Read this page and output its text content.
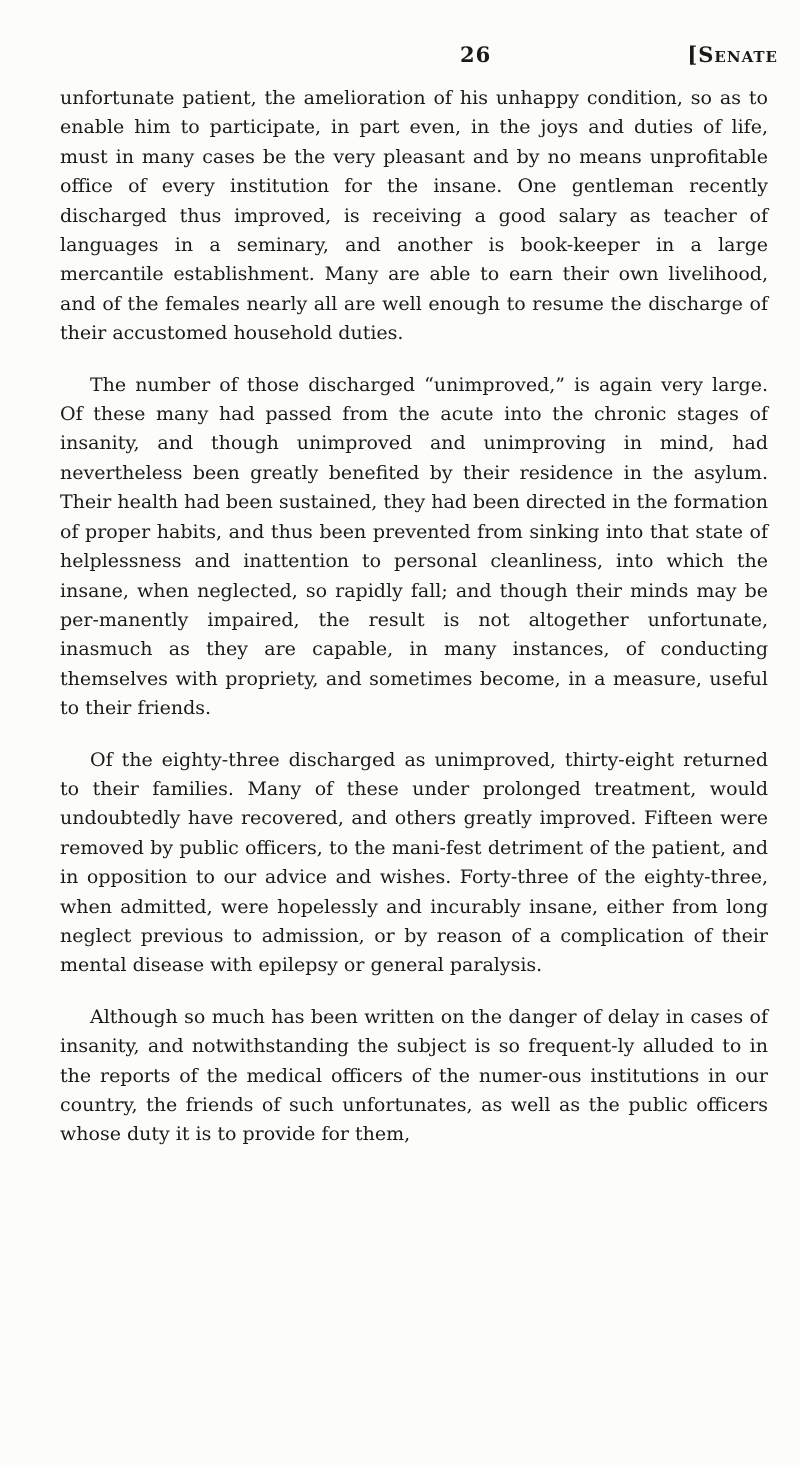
26	[Senate

unfortunate patient, the amelioration of his unhappy condition, so as to enable him to participate, in part even, in the joys and duties of life, must in many cases be the very pleasant and by no means unprofitable office of every institution for the insane. One gentleman recently discharged thus improved, is receiving a good salary as teacher of languages in a seminary, and another is book-keeper in a large mercantile establishment. Many are able to earn their own livelihood, and of the females nearly all are well enough to resume the discharge of their accustomed household duties.

The number of those discharged “unimproved,” is again very large. Of these many had passed from the acute into the chronic stages of insanity, and though unimproved and unimproving in mind, had nevertheless been greatly benefited by their residence in the asylum. Their health had been sustained, they had been directed in the formation of proper habits, and thus been prevented from sinking into that state of helplessness and inattention to personal cleanliness, into which the insane, when neglected, so rapidly fall; and though their minds may be per-manently impaired, the result is not altogether unfortunate, inasmuch as they are capable, in many instances, of conducting themselves with propriety, and sometimes become, in a measure, useful to their friends.

Of the eighty-three discharged as unimproved, thirty-eight returned to their families. Many of these under prolonged treatment, would undoubtedly have recovered, and others greatly improved. Fifteen were removed by public officers, to the mani-fest detriment of the patient, and in opposition to our advice and wishes. Forty-three of the eighty-three, when admitted, were hopelessly and incurably insane, either from long neglect previous to admission, or by reason of a complication of their mental disease with epilepsy or general paralysis.

Although so much has been written on the danger of delay in cases of insanity, and notwithstanding the subject is so frequent-ly alluded to in the reports of the medical officers of the numer-ous institutions in our country, the friends of such unfortunates, as well as the public officers whose duty it is to provide for them,
